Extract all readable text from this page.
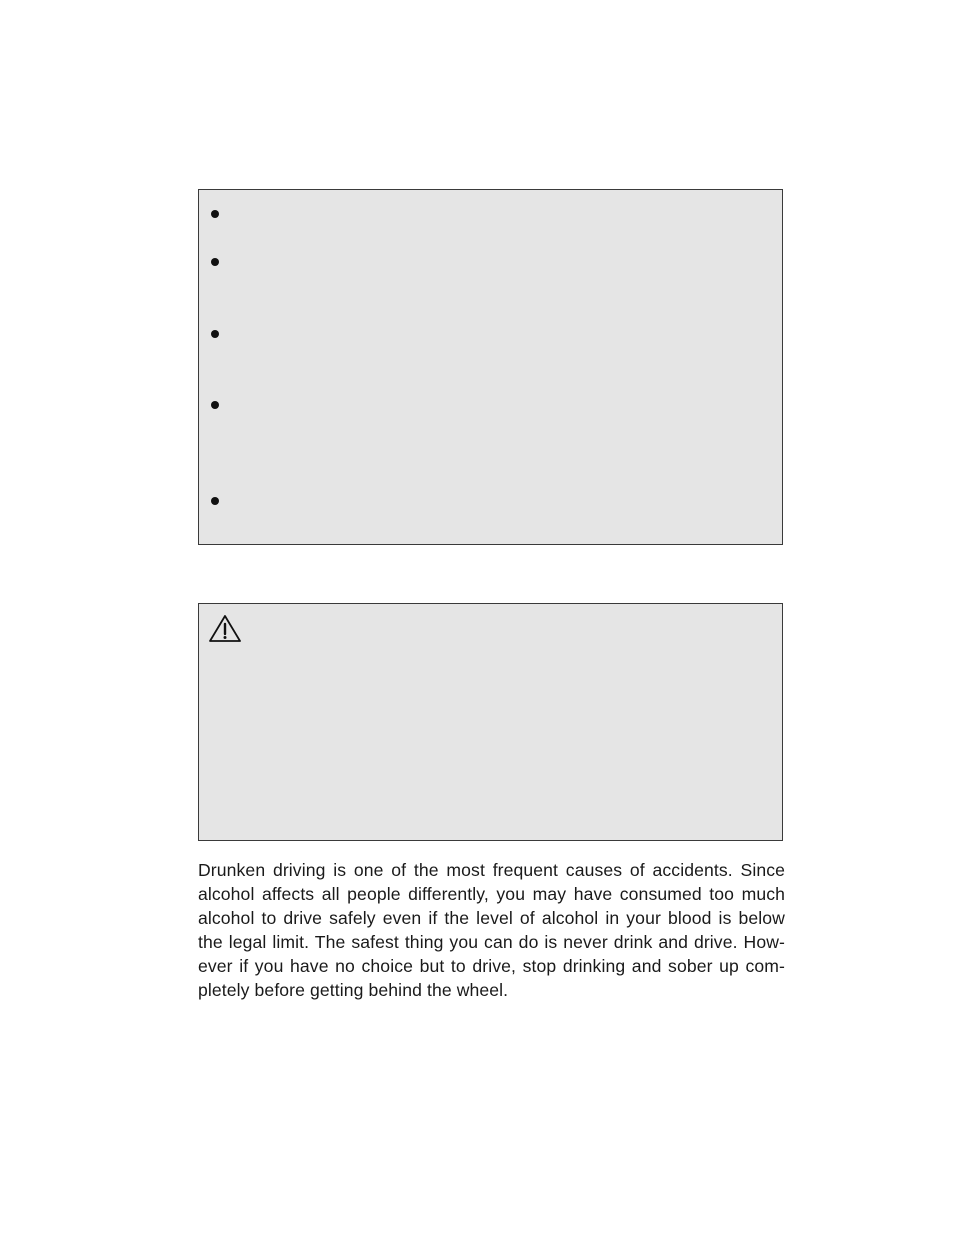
Drunken driving is one of the most frequent causes of accidents. Since
alcohol affects all people differently, you may have consumed too much
alcohol to drive safely even if the level of alcohol in your blood is below
the legal limit. The safest thing you can do is never drink and drive. How-
ever if you have no choice but to drive, stop drinking and sober up com-
pletely before getting behind the wheel.
